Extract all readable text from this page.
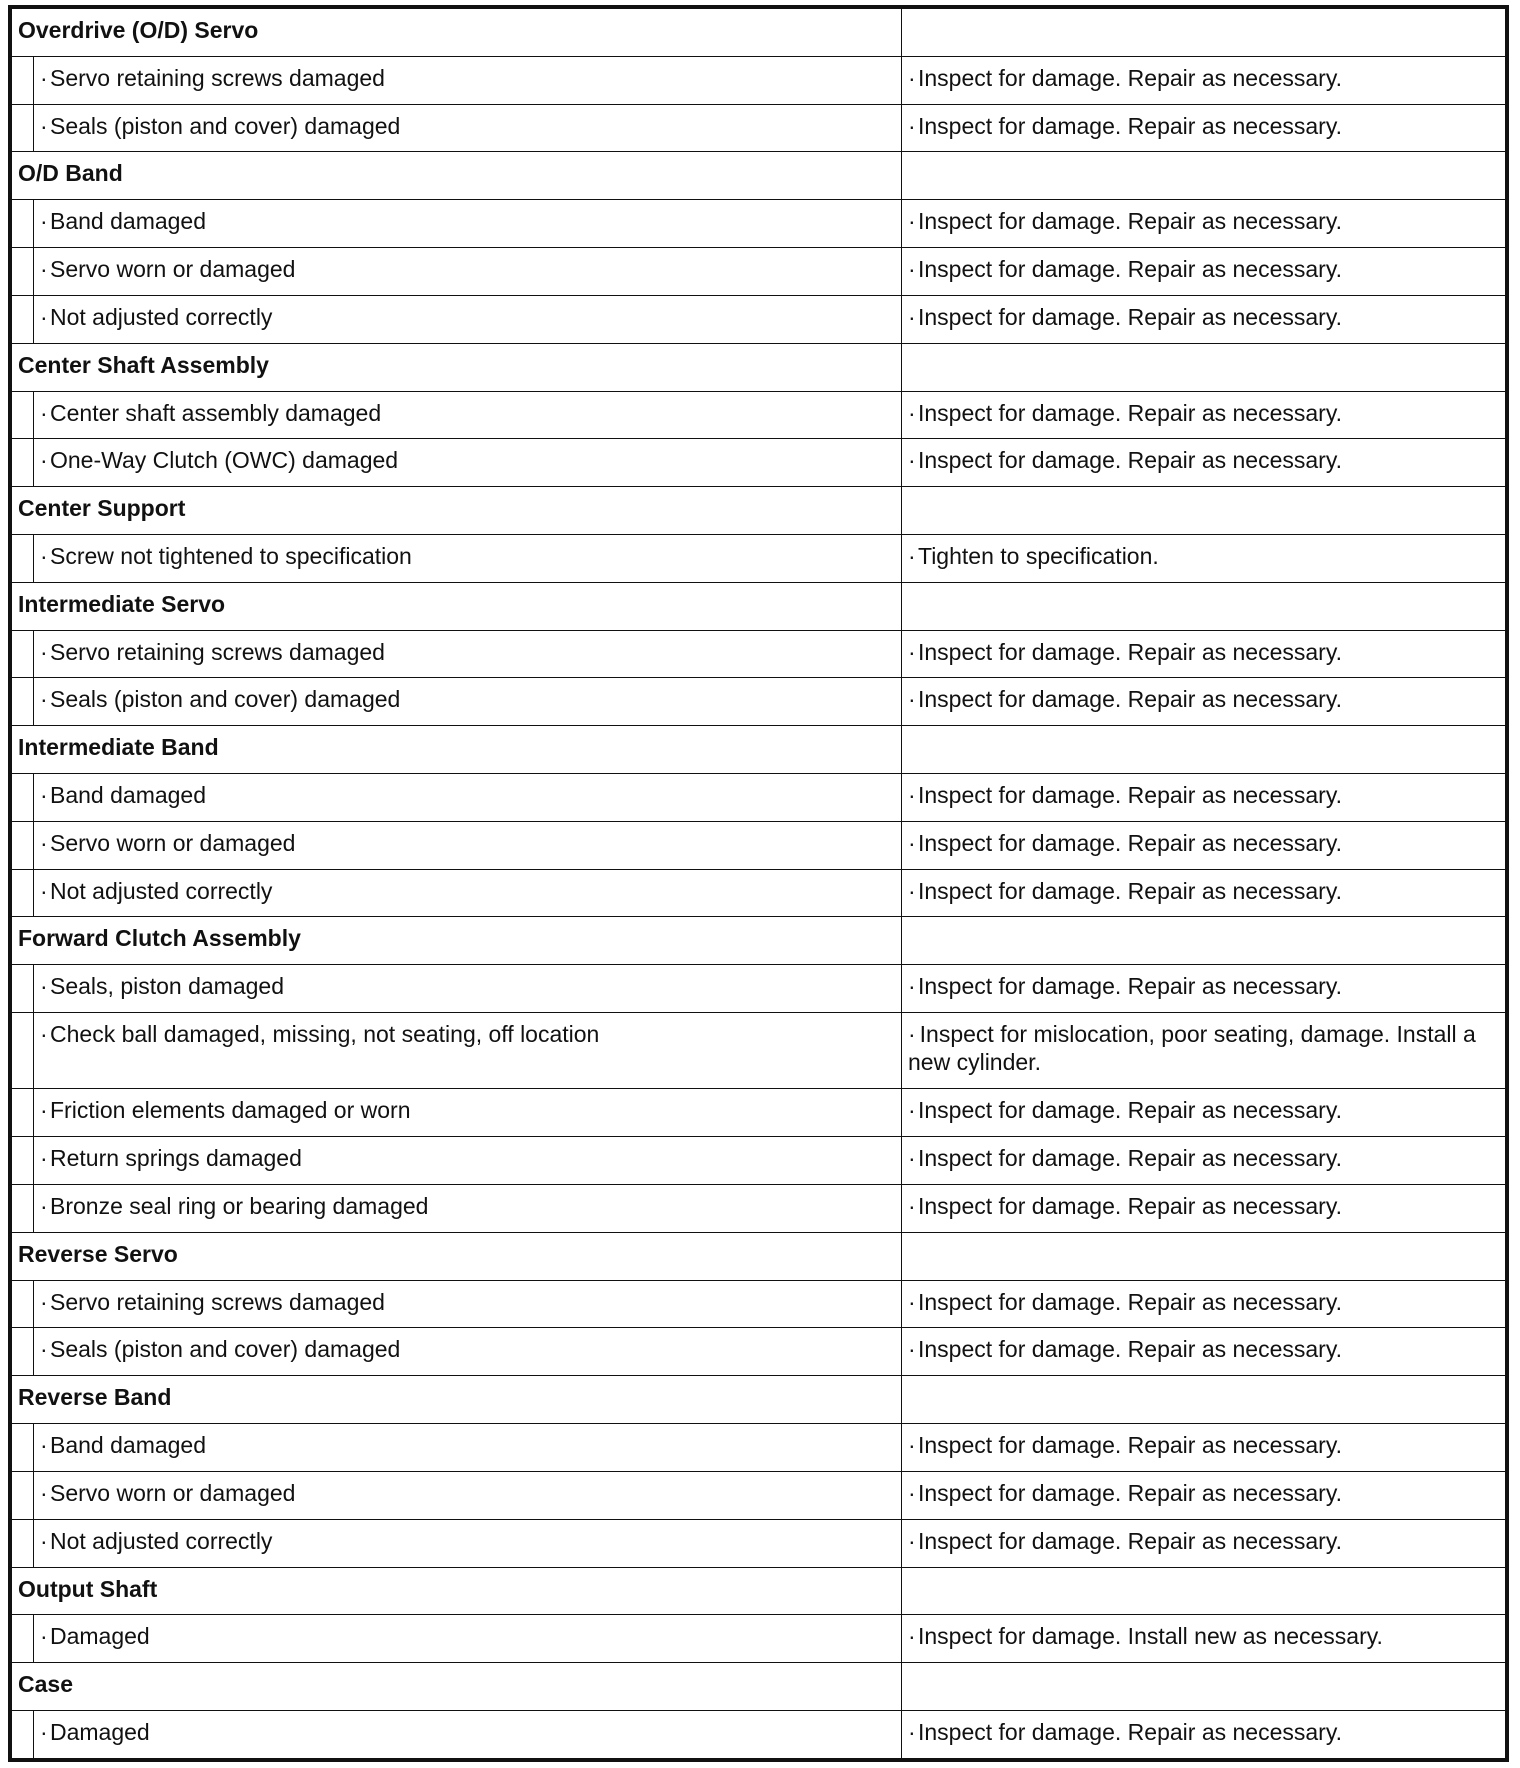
Overdrive (O/D) Servo		
	· Servo retaining screws damaged	· Inspect for damage. Repair as necessary.
	· Seals (piston and cover) damaged	· Inspect for damage. Repair as necessary.
O/D Band		
	· Band damaged	· Inspect for damage. Repair as necessary.
	· Servo worn or damaged	· Inspect for damage. Repair as necessary.
	· Not adjusted correctly	· Inspect for damage. Repair as necessary.
Center Shaft Assembly		
	· Center shaft assembly damaged	· Inspect for damage. Repair as necessary.
	· One-Way Clutch (OWC) damaged	· Inspect for damage. Repair as necessary.
Center Support		
	· Screw not tightened to specification	· Tighten to specification.
Intermediate Servo		
	· Servo retaining screws damaged	· Inspect for damage. Repair as necessary.
	· Seals (piston and cover) damaged	· Inspect for damage. Repair as necessary.
Intermediate Band		
	· Band damaged	· Inspect for damage. Repair as necessary.
	· Servo worn or damaged	· Inspect for damage. Repair as necessary.
	· Not adjusted correctly	· Inspect for damage. Repair as necessary.
Forward Clutch Assembly		
	· Seals, piston damaged	· Inspect for damage. Repair as necessary.
	· Check ball damaged, missing, not seating, off location	· Inspect for mislocation, poor seating, damage. Install a new cylinder.
	· Friction elements damaged or worn	· Inspect for damage. Repair as necessary.
	· Return springs damaged	· Inspect for damage. Repair as necessary.
	· Bronze seal ring or bearing damaged	· Inspect for damage. Repair as necessary.
Reverse Servo		
	· Servo retaining screws damaged	· Inspect for damage. Repair as necessary.
	· Seals (piston and cover) damaged	· Inspect for damage. Repair as necessary.
Reverse Band		
	· Band damaged	· Inspect for damage. Repair as necessary.
	· Servo worn or damaged	· Inspect for damage. Repair as necessary.
	· Not adjusted correctly	· Inspect for damage. Repair as necessary.
Output Shaft		
	· Damaged	· Inspect for damage. Install new as necessary.
Case		
	· Damaged	· Inspect for damage. Repair as necessary.
